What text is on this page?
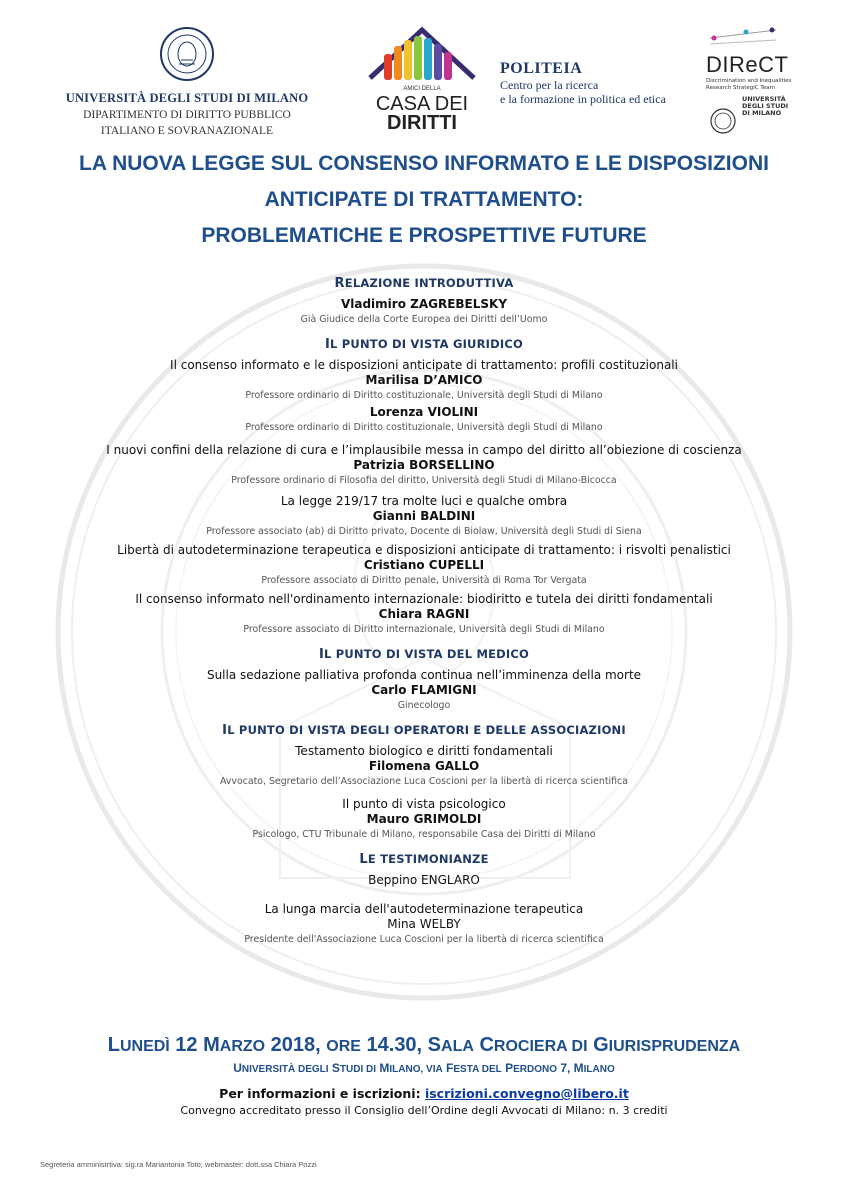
UNIVERSITÀ DEGLI STUDI DI MILANO
DIPARTIMENTO DI DIRITTO PUBBLICO
ITALIANO E SOVRANAZIONALE
AMICI DELLA
CASA DEI
DIRITTI
POLITEIA
Centro per la ricerca
e la formazione in politica ed etica
DIReCT
Discrimination and Inequalities
Research StrategiC Team
UNIVERSITÀ
DEGLI STUDI
DI MILANO
LA NUOVA LEGGE SUL CONSENSO INFORMATO E LE DISPOSIZIONI
ANTICIPATE DI TRATTAMENTO:
PROBLEMATICHE E PROSPETTIVE FUTURE
RELAZIONE INTRODUTTIVA
Vladimiro ZAGREBELSKY
Già Giudice della Corte Europea dei Diritti dell’Uomo
IL PUNTO DI VISTA GIURIDICO
Il consenso informato e le disposizioni anticipate di trattamento: profili costituzionali
Marilisa D’AMICO
Professore ordinario di Diritto costituzionale, Università degli Studi di Milano
Lorenza VIOLINI
Professore ordinario di Diritto costituzionale, Università degli Studi di Milano
I nuovi confini della relazione di cura e l’implausibile messa in campo del diritto all’obiezione di coscienza
Patrizia BORSELLINO
Professore ordinario di Filosofia del diritto, Università degli Studi di Milano-Bicocca
La legge 219/17 tra molte luci e qualche ombra
Gianni BALDINI
Professore associato (ab) di Diritto privato, Docente di Biolaw, Università degli Studi di Siena
Libertà di autodeterminazione terapeutica e disposizioni anticipate di trattamento: i risvolti penalistici
Cristiano CUPELLI
Professore associato di Diritto penale, Università di Roma Tor Vergata
Il consenso informato nell'ordinamento internazionale: biodiritto e tutela dei diritti fondamentali
Chiara RAGNI
Professore associato di Diritto internazionale, Università degli Studi di Milano
IL PUNTO DI VISTA DEL MEDICO
Sulla sedazione palliativa profonda continua nell’imminenza della morte
Carlo FLAMIGNI
Ginecologo
IL PUNTO DI VISTA DEGLI OPERATORI E DELLE ASSOCIAZIONI
Testamento biologico e diritti fondamentali
Filomena GALLO
Avvocato, Segretario dell’Associazione Luca Coscioni per la libertà di ricerca scientifica
Il punto di vista psicologico
Mauro GRIMOLDI
Psicologo, CTU Tribunale di Milano, responsabile Casa dei Diritti di Milano
LE TESTIMONIANZE
Beppino ENGLARO
La lunga marcia dell'autodeterminazione terapeutica
Mina WELBY
Presidente dell'Associazione Luca Coscioni per la libertà di ricerca scientifica
LUNEDÌ 12 MARZO 2018, ORE 14.30, SALA CROCIERA DI GIURISPRUDENZA
UNIVERSITÀ DEGLI STUDI DI MILANO, VIA FESTA DEL PERDONO 7, MILANO
Per informazioni e iscrizioni: iscrizioni.convegno@libero.it
Convegno accreditato presso il Consiglio dell’Ordine degli Avvocati di Milano: n. 3 crediti
Segreteria amministrtiva: sig.ra Mariantonia Toto; webmaster: dott.ssa Chiara Pozzi
